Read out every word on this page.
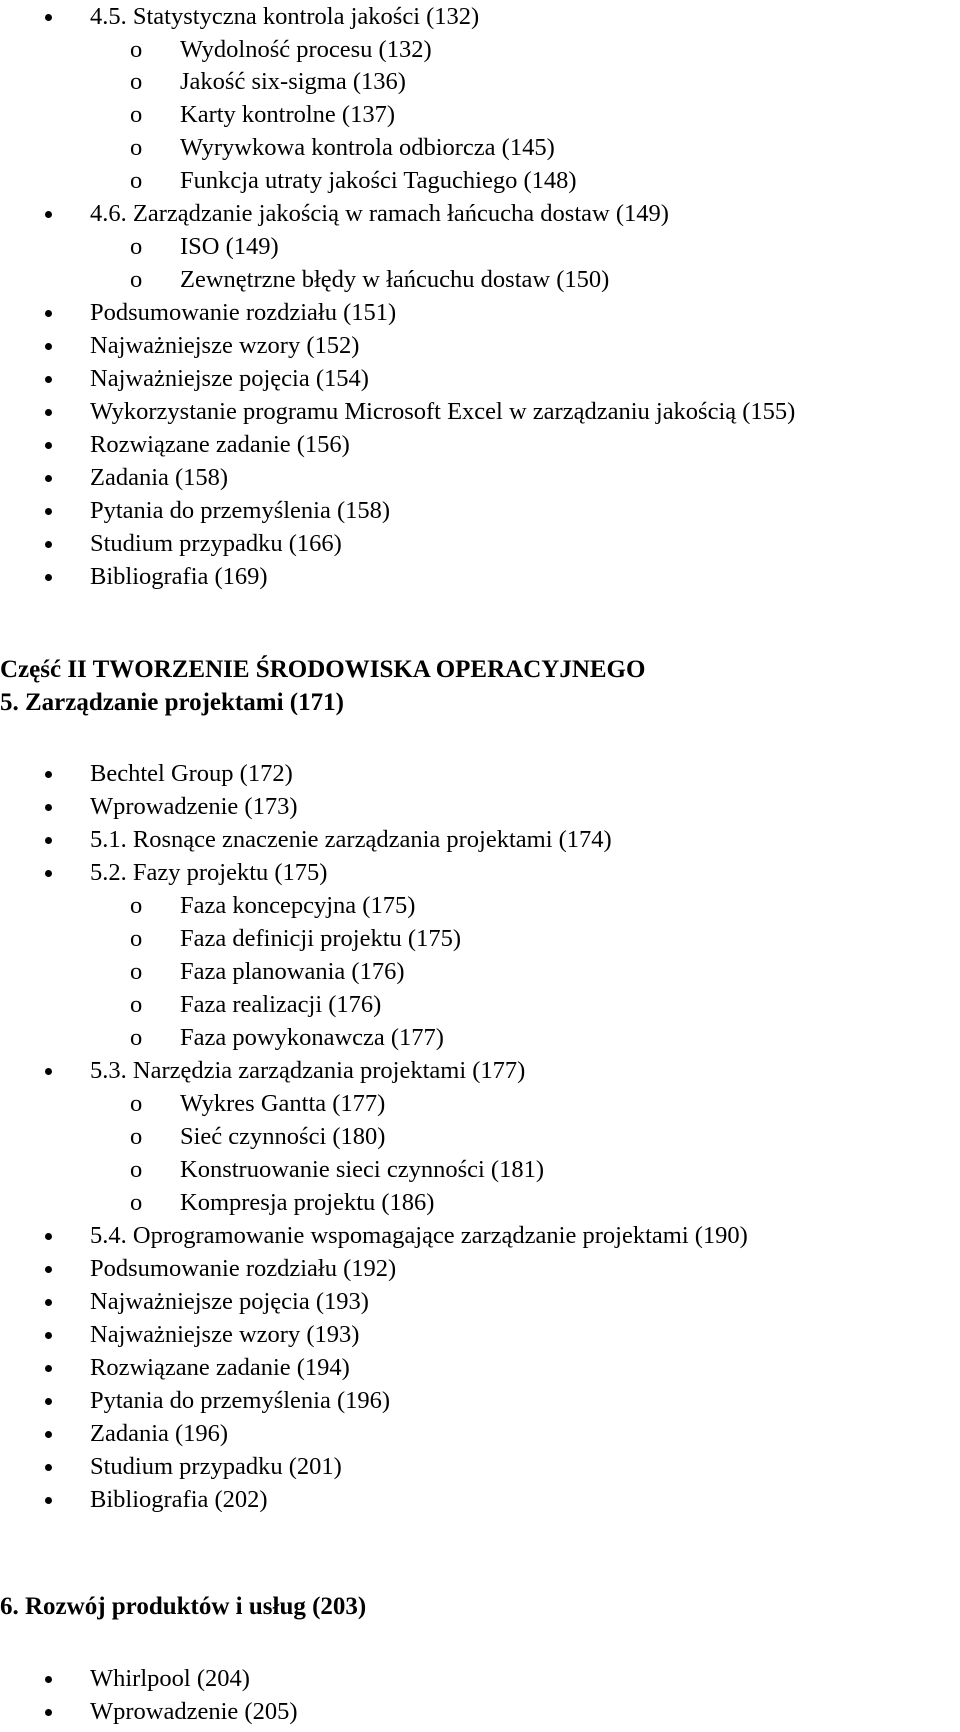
4.5. Statystyczna kontrola jakości (132)
o Wydolność procesu (132)
o Jakość six-sigma (136)
o Karty kontrolne (137)
o Wyrywkowa kontrola odbiorcza (145)
o Funkcja utraty jakości Taguchiego (148)
4.6. Zarządzanie jakością w ramach łańcucha dostaw (149)
o ISO (149)
o Zewnętrzne błędy w łańcuchu dostaw (150)
Podsumowanie rozdziału (151)
Najważniejsze wzory (152)
Najważniejsze pojęcia (154)
Wykorzystanie programu Microsoft Excel w zarządzaniu jakością (155)
Rozwiązane zadanie (156)
Zadania (158)
Pytania do przemyślenia (158)
Studium przypadku (166)
Bibliografia (169)
Część II TWORZENIE ŚRODOWISKA OPERACYJNEGO
5. Zarządzanie projektami (171)
Bechtel Group (172)
Wprowadzenie (173)
5.1. Rosnące znaczenie zarządzania projektami (174)
5.2. Fazy projektu (175)
o Faza koncepcyjna (175)
o Faza definicji projektu (175)
o Faza planowania (176)
o Faza realizacji (176)
o Faza powykonawcza (177)
5.3. Narzędzia zarządzania projektami (177)
o Wykres Gantta (177)
o Sieć czynności (180)
o Konstruowanie sieci czynności (181)
o Kompresja projektu (186)
5.4. Oprogramowanie wspomagające zarządzanie projektami (190)
Podsumowanie rozdziału (192)
Najważniejsze pojęcia (193)
Najważniejsze wzory (193)
Rozwiązane zadanie (194)
Pytania do przemyślenia (196)
Zadania (196)
Studium przypadku (201)
Bibliografia (202)
6. Rozwój produktów i usług (203)
Whirlpool (204)
Wprowadzenie (205)
